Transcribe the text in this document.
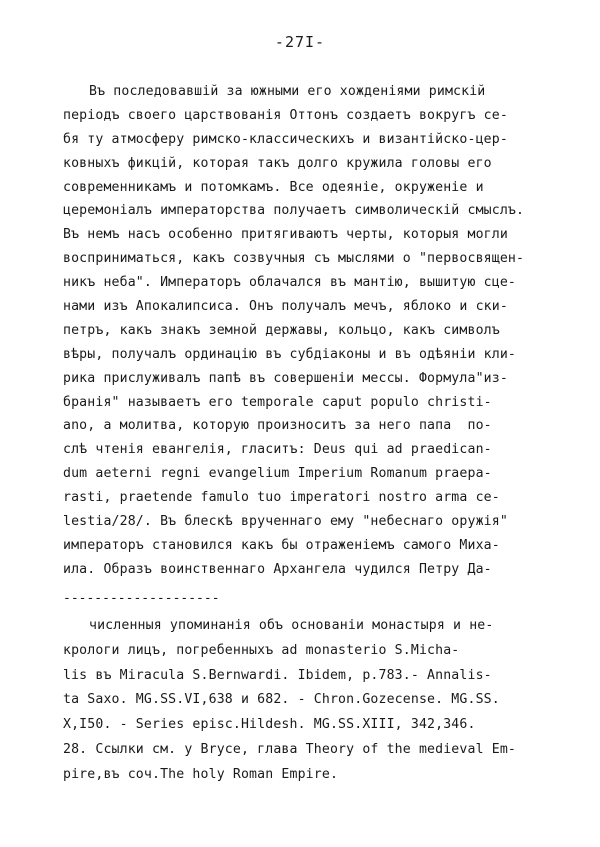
-27I-
Въ последовавшій за южными его хожденіями римскій
періодъ своего царствованія Оттонъ создаетъ вокругъ се-
бя ту атмосферу римско-классическихъ и византійско-цер-
ковныхъ фикцій, которая такъ долго кружила головы его
современникамъ и потомкамъ. Все одеяніе, окруженіе и
церемоніалъ императорства получаетъ символическій смыслъ.
Въ немъ насъ особенно притягиваютъ черты, которыя могли
восприниматься, какъ созвучныя съ мыслями о "первосвящен-
никъ неба". Императоръ облачался въ мантію, вышитую сце-
нами изъ Апокалипсиса. Онъ получалъ мечъ, яблоко и ски-
петръ, какъ знакъ земной державы, кольцо, какъ символъ
вѣры, получалъ ординацію въ субдіаконы и въ одѣяніи кли-
рика прислуживалъ папѣ въ совершеніи мессы. Формула"из-
бранія" называетъ его temporale caput populo christi-
ano, а молитва, которую произноситъ за него папа  по-
слѣ чтенія евангелія, гласитъ: Deus qui ad praedican-
dum aeterni regni evangelium Imperium Romanum praepa-
rasti, praetende famulo tuo imperatori nostro arma ce-
lestia/28/. Въ блескѣ врученнаго ему "небеснаго оружія"
императоръ становился какъ бы отраженіемъ самого Миха-
ила. Образъ воинственнаго Архангела чудился Петру Да-
--------------------
численныя упоминанія объ основаніи монастыря и не-
крологи лицъ, погребенныхъ ad monasterio S.Micha-
lis въ Miracula S.Bernwardi. Ibidem, p.783.- Annalis-
ta Saxo. MG.SS.VI,638 и 682. - Chron.Gozecense. MG.SS.
X,I50. - Series episc.Hildesh. MG.SS.XIII, 342,346.
28. Ссылки см. у Bryce, глава Theory of the medieval Em-
pire,въ соч.The holy Roman Empire.
